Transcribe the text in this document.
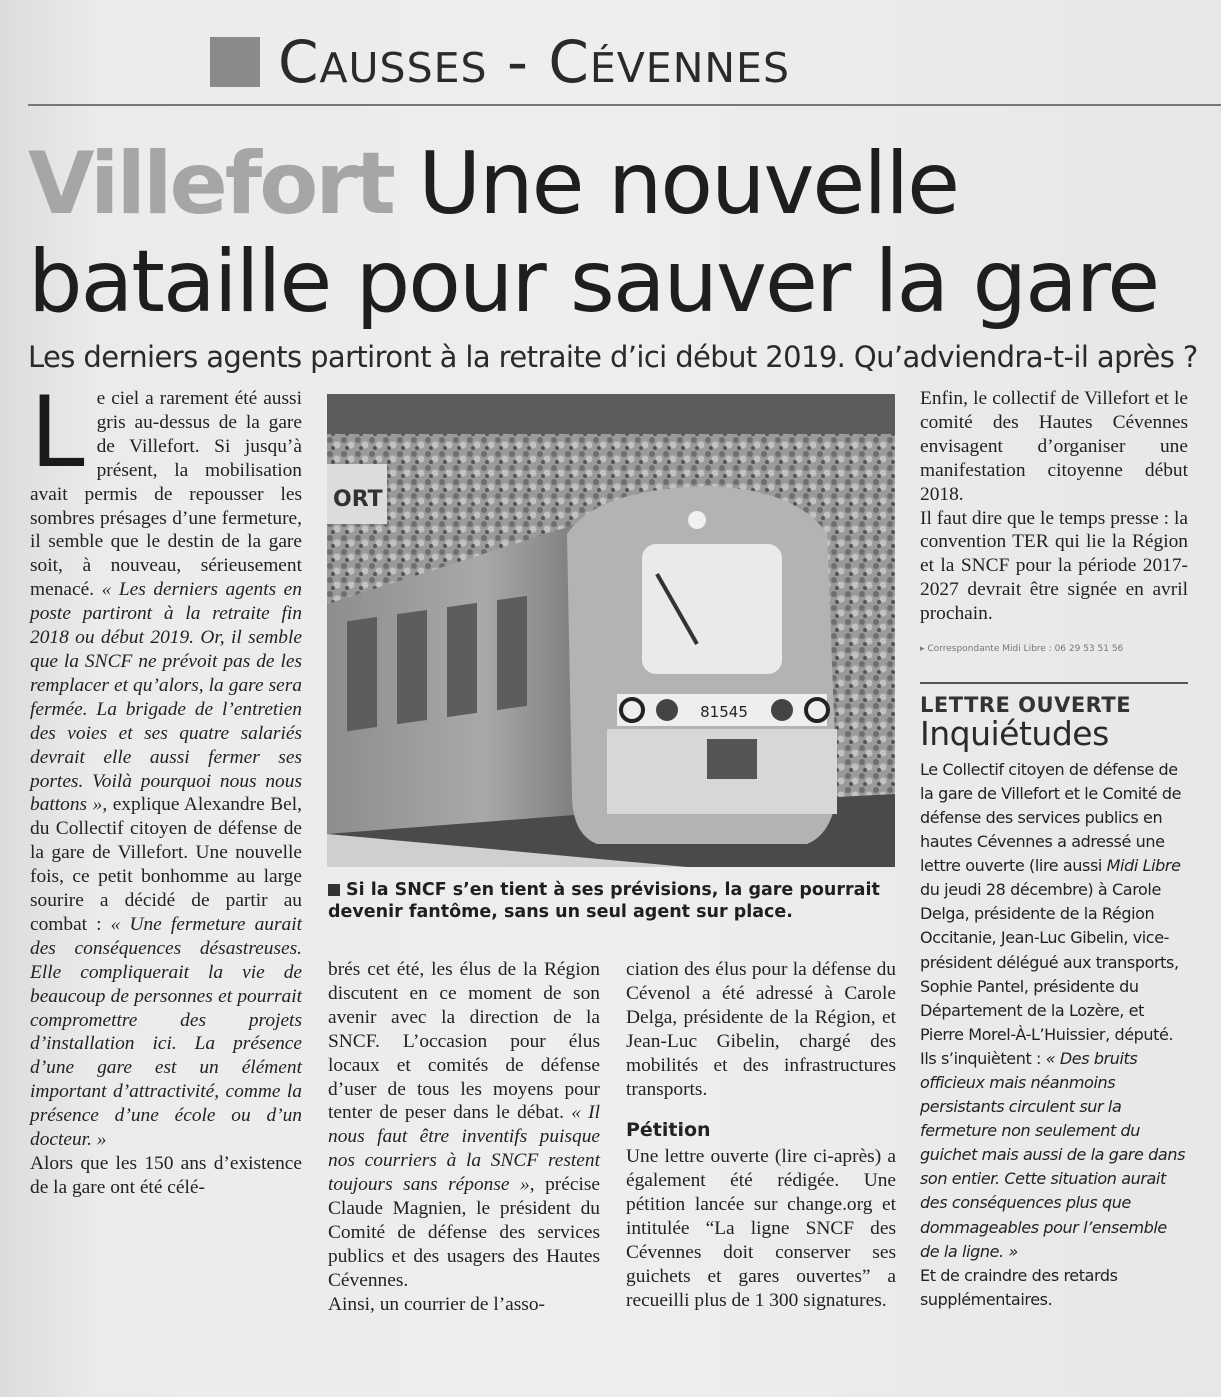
Causses - Cévennes
Villefort Une nouvelle bataille pour sauver la gare
Les derniers agents partiront à la retraite d’ici début 2019. Qu’adviendra-t-il après ?

L e ciel a rarement été aussi gris au-dessus de la gare de Villefort. Si jusqu’à présent, la mobilisation avait permis de repousser les sombres présages d’une fermeture, il semble que le destin de la gare soit, à nouveau, sérieusement menacé. « Les derniers agents en poste partiront à la retraite fin 2018 ou début 2019. Or, il semble que la SNCF ne prévoit pas de les remplacer et qu’alors, la gare sera fermée. La brigade de l’entretien des voies et ses quatre salariés devrait elle aussi fermer ses portes. Voilà pourquoi nous nous battons », explique Alexandre Bel, du Collectif citoyen de défense de la gare de Villefort. Une nouvelle fois, ce petit bonhomme au large sourire a décidé de partir au combat : « Une fermeture aurait des conséquences désastreuses. Elle compliquerait la vie de beaucoup de personnes et pourrait compromettre des projets d’installation ici. La présence d’une gare est un élément important d’attractivité, comme la présence d’une école ou d’un docteur. »

Alors que les 150 ans d’existence de la gare ont été célé-

ORT
81545
Si la SNCF s’en tient à ses prévisions, la gare pourrait devenir fantôme, sans un seul agent sur place.

brés cet été, les élus de la Région discutent en ce moment de son avenir avec la direction de la SNCF. L’occasion pour élus locaux et comités de défense d’user de tous les moyens pour tenter de peser dans le débat. « Il nous faut être inventifs puisque nos courriers à la SNCF restent toujours sans réponse », précise Claude Magnien, le président du Comité de défense des services publics et des usagers des Hautes Cévennes.

Ainsi, un courrier de l’asso-

ciation des élus pour la défense du Cévenol a été adressé à Carole Delga, présidente de la Région, et Jean-Luc Gibelin, chargé des mobilités et des infrastructures transports.

Pétition

Une lettre ouverte (lire ci-après) a également été rédigée. Une pétition lancée sur change.org et intitulée “La ligne SNCF des Cévennes doit conserver ses guichets et gares ouvertes” a recueilli plus de 1 300 signatures.

Enfin, le collectif de Villefort et le comité des Hautes Cévennes envisagent d’organiser une manifestation citoyenne début 2018.

Il faut dire que le temps presse : la convention TER qui lie la Région et la SNCF pour la période 2017-2027 devrait être signée en avril prochain.

▸ Correspondante Midi Libre : 06 29 53 51 56
LETTRE OUVERTE
Inquiétudes
Le Collectif citoyen de défense de la gare de Villefort et le Comité de défense des services publics en hautes Cévennes a adressé une lettre ouverte (lire aussi Midi Libre du jeudi 28 décembre) à Carole Delga, présidente de la Région Occitanie, Jean-Luc Gibelin, vice-président délégué aux transports, Sophie Pantel, présidente du Département de la Lozère, et Pierre Morel-À-L’Huissier, député. Ils s’inquiètent : « Des bruits officieux mais néanmoins persistants circulent sur la fermeture non seulement du guichet mais aussi de la gare dans son entier. Cette situation aurait des conséquences plus que dommageables pour l’ensemble de la ligne. »
Et de craindre des retards supplémentaires.
